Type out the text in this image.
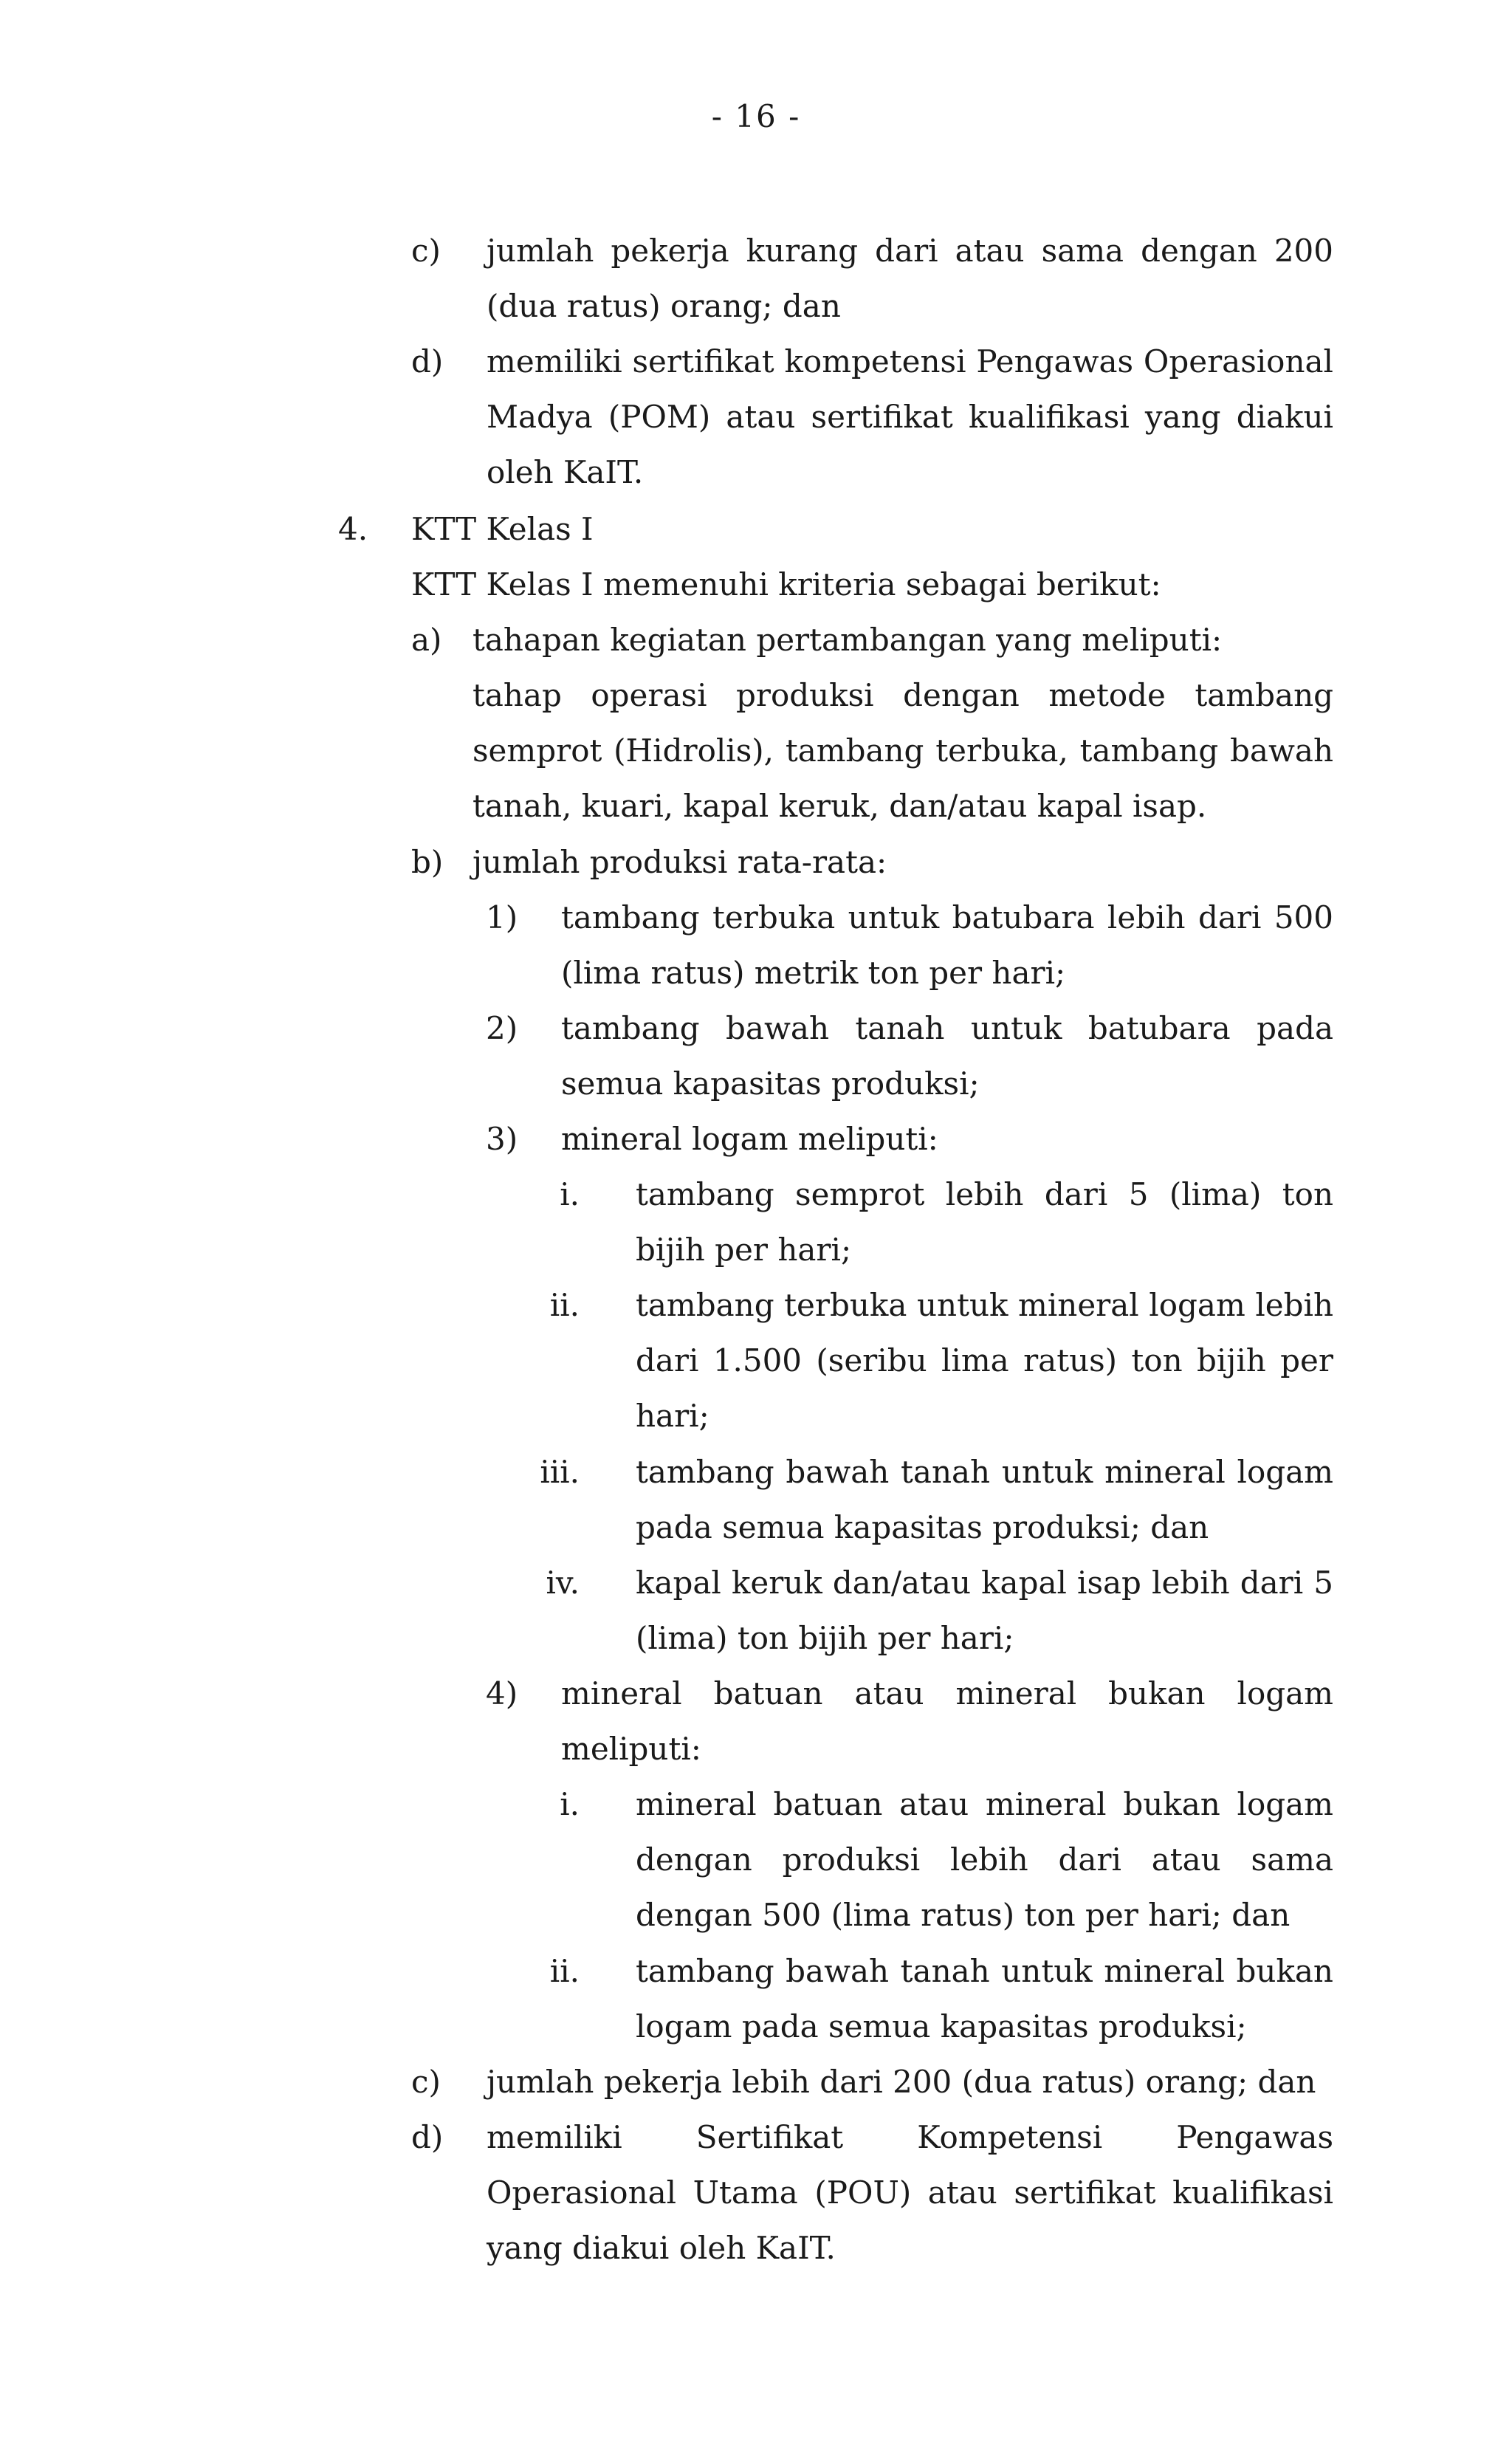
- 16 -
c) jumlah pekerja kurang dari atau sama dengan 200 (dua ratus) orang; dan
d) memiliki sertifikat kompetensi Pengawas Operasional Madya (POM) atau sertifikat kualifikasi yang diakui oleh KaIT.
4. KTT Kelas I
KTT Kelas I memenuhi kriteria sebagai berikut:
a) tahapan kegiatan pertambangan yang meliputi:
tahap operasi produksi dengan metode tambang semprot (Hidrolis), tambang terbuka, tambang bawah tanah, kuari, kapal keruk, dan/atau kapal isap.
b) jumlah produksi rata-rata:
1) tambang terbuka untuk batubara lebih dari 500 (lima ratus) metrik ton per hari;
2) tambang bawah tanah untuk batubara pada semua kapasitas produksi;
3) mineral logam meliputi:
i. tambang semprot lebih dari 5 (lima) ton bijih per hari;
ii. tambang terbuka untuk mineral logam lebih dari 1.500 (seribu lima ratus) ton bijih per hari;
iii. tambang bawah tanah untuk mineral logam pada semua kapasitas produksi; dan
iv. kapal keruk dan/atau kapal isap lebih dari 5 (lima) ton bijih per hari;
4) mineral batuan atau mineral bukan logam meliputi:
i. mineral batuan atau mineral bukan logam dengan produksi lebih dari atau sama dengan 500 (lima ratus) ton per hari; dan
ii. tambang bawah tanah untuk mineral bukan logam pada semua kapasitas produksi;
c) jumlah pekerja lebih dari 200 (dua ratus) orang; dan
d) memiliki Sertifikat Kompetensi Pengawas Operasional Utama (POU) atau sertifikat kualifikasi yang diakui oleh KaIT.
